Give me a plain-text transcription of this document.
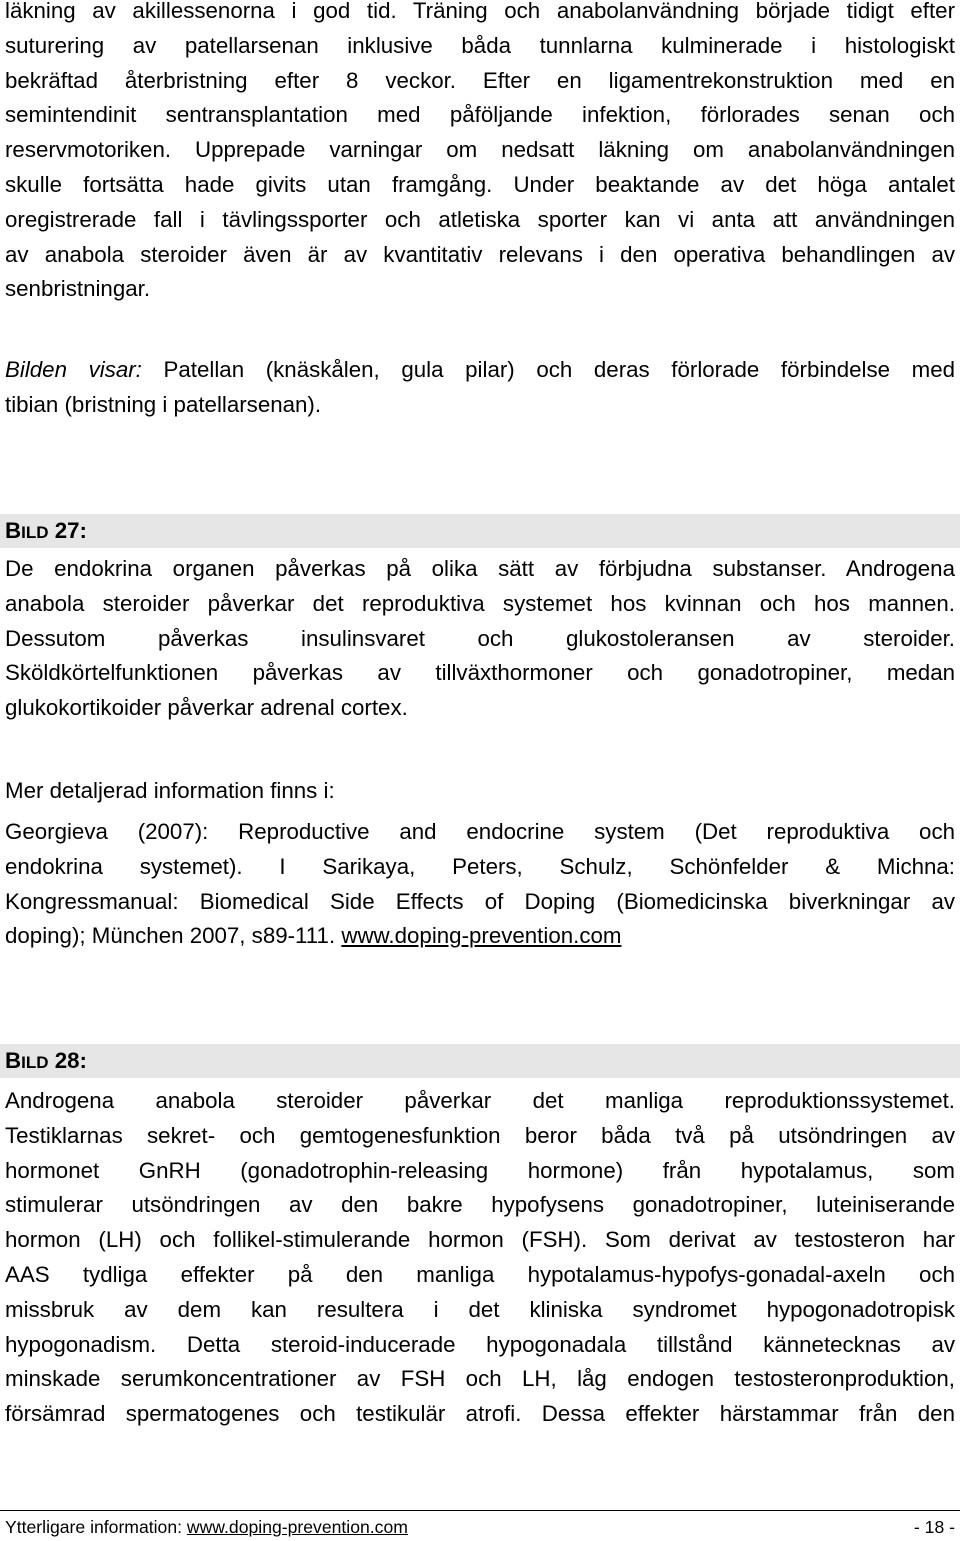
läkning av akillessenorna i god tid. Träning och anabolanvändning började tidigt efter
suturering av patellarsenan inklusive båda tunnlarna kulminerade i histologiskt
bekräftad återbristning efter 8 veckor. Efter en ligamentrekonstruktion med en
semintendinit sentransplantation med påföljande infektion, förlorades senan och
reservmotoriken. Upprepade varningar om nedsatt läkning om anabolanvändningen
skulle fortsätta hade givits utan framgång. Under beaktande av det höga antalet
oregistrerade fall i tävlingssporter och atletiska sporter kan vi anta att användningen
av anabola steroider även är av kvantitativ relevans i den operativa behandlingen av
senbristningar.
Bilden visar: Patellan (knäskålen, gula pilar) och deras förlorade förbindelse med
tibian (bristning i patellarsenan).
BILD 27:
De endokrina organen påverkas på olika sätt av förbjudna substanser. Androgena
anabola steroider påverkar det reproduktiva systemet hos kvinnan och hos mannen.
Dessutom påverkas insulinsvaret och glukostoleransen av steroider.
Sköldkörtelfunktionen påverkas av tillväxthormoner och gonadotropiner, medan
glukokortikoider påverkar adrenal cortex.
Mer detaljerad information finns i:
Georgieva (2007): Reproductive and endocrine system (Det reproduktiva och
endokrina systemet). I Sarikaya, Peters, Schulz, Schönfelder & Michna:
Kongressmanual: Biomedical Side Effects of Doping (Biomedicinska biverkningar av
doping); München 2007, s89-111. www.doping-prevention.com
BILD 28:
Androgena anabola steroider påverkar det manliga reproduktionssystemet.
Testiklarnas sekret- och gemtogenesfunktion beror båda två på utsöndringen av
hormonet GnRH (gonadotrophin-releasing hormone) från hypotalamus, som
stimulerar utsöndringen av den bakre hypofysens gonadotropiner, luteiniserande
hormon (LH) och follikel-stimulerande hormon (FSH). Som derivat av testosteron har
AAS tydliga effekter på den manliga hypotalamus-hypofys-gonadal-axeln och
missbruk av dem kan resultera i det kliniska syndromet hypogonadotropisk
hypogonadism. Detta steroid-inducerade hypogonadala tillstånd kännetecknas av
minskade serumkoncentrationer av FSH och LH, låg endogen testosteronproduktion,
försämrad spermatogenes och testikulär atrofi. Dessa effekter härstammar från den
Ytterligare information: www.doping-prevention.com	- 18 -
